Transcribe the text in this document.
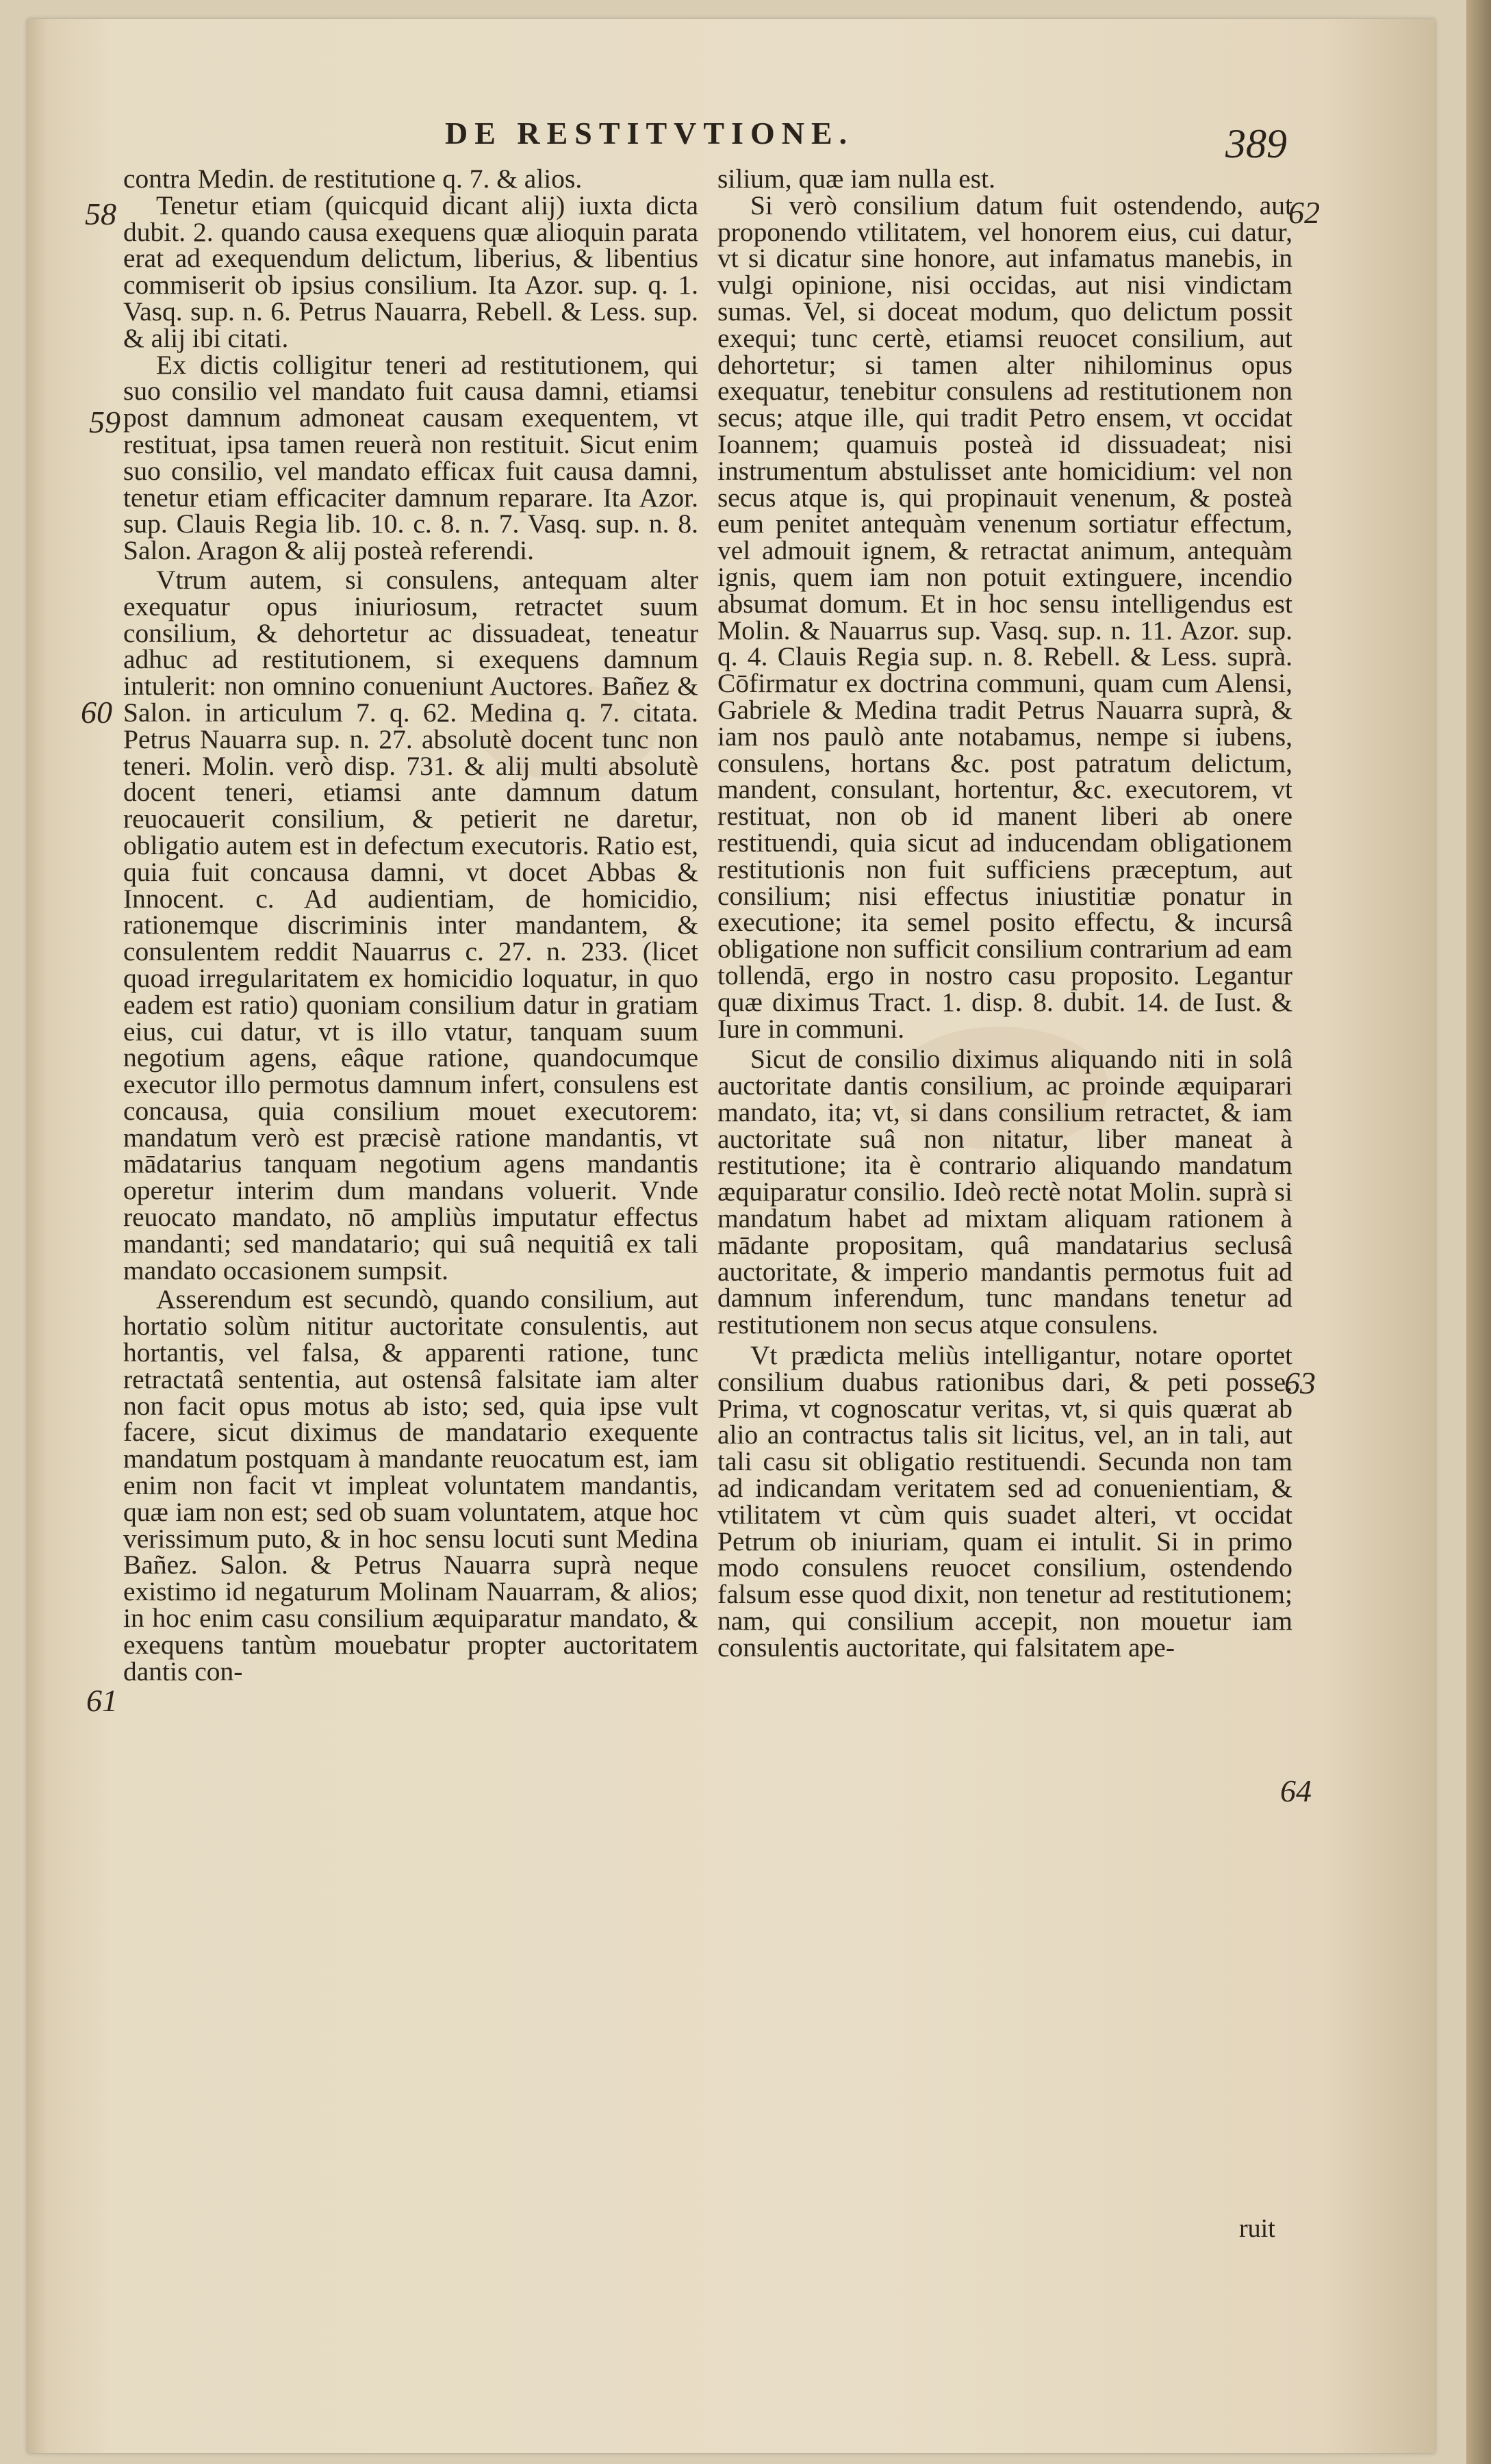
DE RESTITVTIONE.	389
58
59
60
61
62
63
64

contra Medin. de restitutione q. 7. & alios.

Tenetur etiam (quicquid dicant alij) iuxta dicta dubit. 2. quando causa exequens quæ alioquin parata erat ad exequendum delictum, liberius, & libentius commiserit ob ipsius consilium. Ita Azor. sup. q. 1. Vasq. sup. n. 6. Petrus Nauarra, Rebell. & Less. sup. & alij ibi citati.

Ex dictis colligitur teneri ad restitutionem, qui suo consilio vel mandato fuit causa damni, etiamsi post damnum admoneat causam exequentem, vt restituat, ipsa tamen reuerà non restituit. Sicut enim suo consilio, vel mandato efficax fuit causa damni, tenetur etiam efficaciter damnum reparare. Ita Azor. sup. Clauis Regia lib. 10. c. 8. n. 7. Vasq. sup. n. 8. Salon. Aragon & alij posteà referendi.

Vtrum autem, si consulens, antequam alter exequatur opus iniuriosum, retractet suum consilium, & dehortetur ac dissuadeat, teneatur adhuc ad restitutionem, si exequens damnum intulerit: non omnino conueniunt Auctores. Bañez & Salon. in articulum 7. q. 62. Medina q. 7. citata. Petrus Nauarra sup. n. 27. absolutè docent tunc non teneri. Molin. verò disp. 731. & alij multi absolutè docent teneri, etiamsi ante damnum datum reuocauerit consilium, & petierit ne daretur, obligatio autem est in defectum executoris. Ratio est, quia fuit concausa damni, vt docet Abbas & Innocent. c. Ad audientiam, de homicidio, rationemque discriminis inter mandantem, & consulentem reddit Nauarrus c. 27. n. 233. (licet quoad irregularitatem ex homicidio loquatur, in quo eadem est ratio) quoniam consilium datur in gratiam eius, cui datur, vt is illo vtatur, tanquam suum negotium agens, eâque ratione, quandocumque executor illo permotus damnum infert, consulens est concausa, quia consilium mouet executorem: mandatum verò est præcisè ratione mandantis, vt mādatarius tanquam negotium agens mandantis operetur interim dum mandans voluerit. Vnde reuocato mandato, nō ampliùs imputatur effectus mandanti; sed mandatario; qui suâ nequitiâ ex tali mandato occasionem sumpsit.

Asserendum est secundò, quando consilium, aut hortatio solùm nititur auctoritate consulentis, aut hortantis, vel falsa, & apparenti ratione, tunc retractatâ sententia, aut ostensâ falsitate iam alter non facit opus motus ab isto; sed, quia ipse vult facere, sicut diximus de mandatario exequente mandatum postquam à mandante reuocatum est, iam enim non facit vt impleat voluntatem mandantis, quæ iam non est; sed ob suam voluntatem, atque hoc verissimum puto, & in hoc sensu locuti sunt Medina Bañez. Salon. & Petrus Nauarra suprà neque existimo id negaturum Molinam Nauarram, & alios; in hoc enim casu consilium æquiparatur mandato, & exequens tantùm mouebatur propter auctoritatem dantis con-

silium, quæ iam nulla est.

Si verò consilium datum fuit ostendendo, aut proponendo vtilitatem, vel honorem eius, cui datur, vt si dicatur sine honore, aut infamatus manebis, in vulgi opinione, nisi occidas, aut nisi vindictam sumas. Vel, si doceat modum, quo delictum possit exequi; tunc certè, etiamsi reuocet consilium, aut dehortetur; si tamen alter nihilominus opus exequatur, tenebitur consulens ad restitutionem non secus; atque ille, qui tradit Petro ensem, vt occidat Ioannem; quamuis posteà id dissuadeat; nisi instrumentum abstulisset ante homicidium: vel non secus atque is, qui propinauit venenum, & posteà eum penitet antequàm venenum sortiatur effectum, vel admouit ignem, & retractat animum, antequàm ignis, quem iam non potuit extinguere, incendio absumat domum. Et in hoc sensu intelligendus est Molin. & Nauarrus sup. Vasq. sup. n. 11. Azor. sup. q. 4. Clauis Regia sup. n. 8. Rebell. & Less. suprà. Cōfirmatur ex doctrina communi, quam cum Alensi, Gabriele & Medina tradit Petrus Nauarra suprà, & iam nos paulò ante notabamus, nempe si iubens, consulens, hortans &c. post patratum delictum, mandent, consulant, hortentur, &c. executorem, vt restituat, non ob id manent liberi ab onere restituendi, quia sicut ad inducendam obligationem restitutionis non fuit sufficiens præceptum, aut consilium; nisi effectus iniustitiæ ponatur in executione; ita semel posito effectu, & incursâ obligatione non sufficit consilium contrarium ad eam tollendā, ergo in nostro casu proposito. Legantur quæ diximus Tract. 1. disp. 8. dubit. 14. de Iust. & Iure in communi.

Sicut de consilio diximus aliquando niti in solâ auctoritate dantis consilium, ac proinde æquiparari mandato, ita; vt, si dans consilium retractet, & iam auctoritate suâ non nitatur, liber maneat à restitutione; ita è contrario aliquando mandatum æquiparatur consilio. Ideò rectè notat Molin. suprà si mandatum habet ad mixtam aliquam rationem à mādante propositam, quâ mandatarius seclusâ auctoritate, & imperio mandantis permotus fuit ad damnum inferendum, tunc mandans tenetur ad restitutionem non secus atque consulens.

Vt prædicta meliùs intelligantur, notare oportet consilium duabus rationibus dari, & peti posse. Prima, vt cognoscatur veritas, vt, si quis quærat ab alio an contractus talis sit licitus, vel, an in tali, aut tali casu sit obligatio restituendi. Secunda non tam ad indicandam veritatem sed ad conuenientiam, & vtilitatem vt cùm quis suadet alteri, vt occidat Petrum ob iniuriam, quam ei intulit. Si in primo modo consulens reuocet consilium, ostendendo falsum esse quod dixit, non tenetur ad restitutionem; nam, qui consilium accepit, non mouetur iam consulentis auctoritate, qui falsitatem ape-

ruit
